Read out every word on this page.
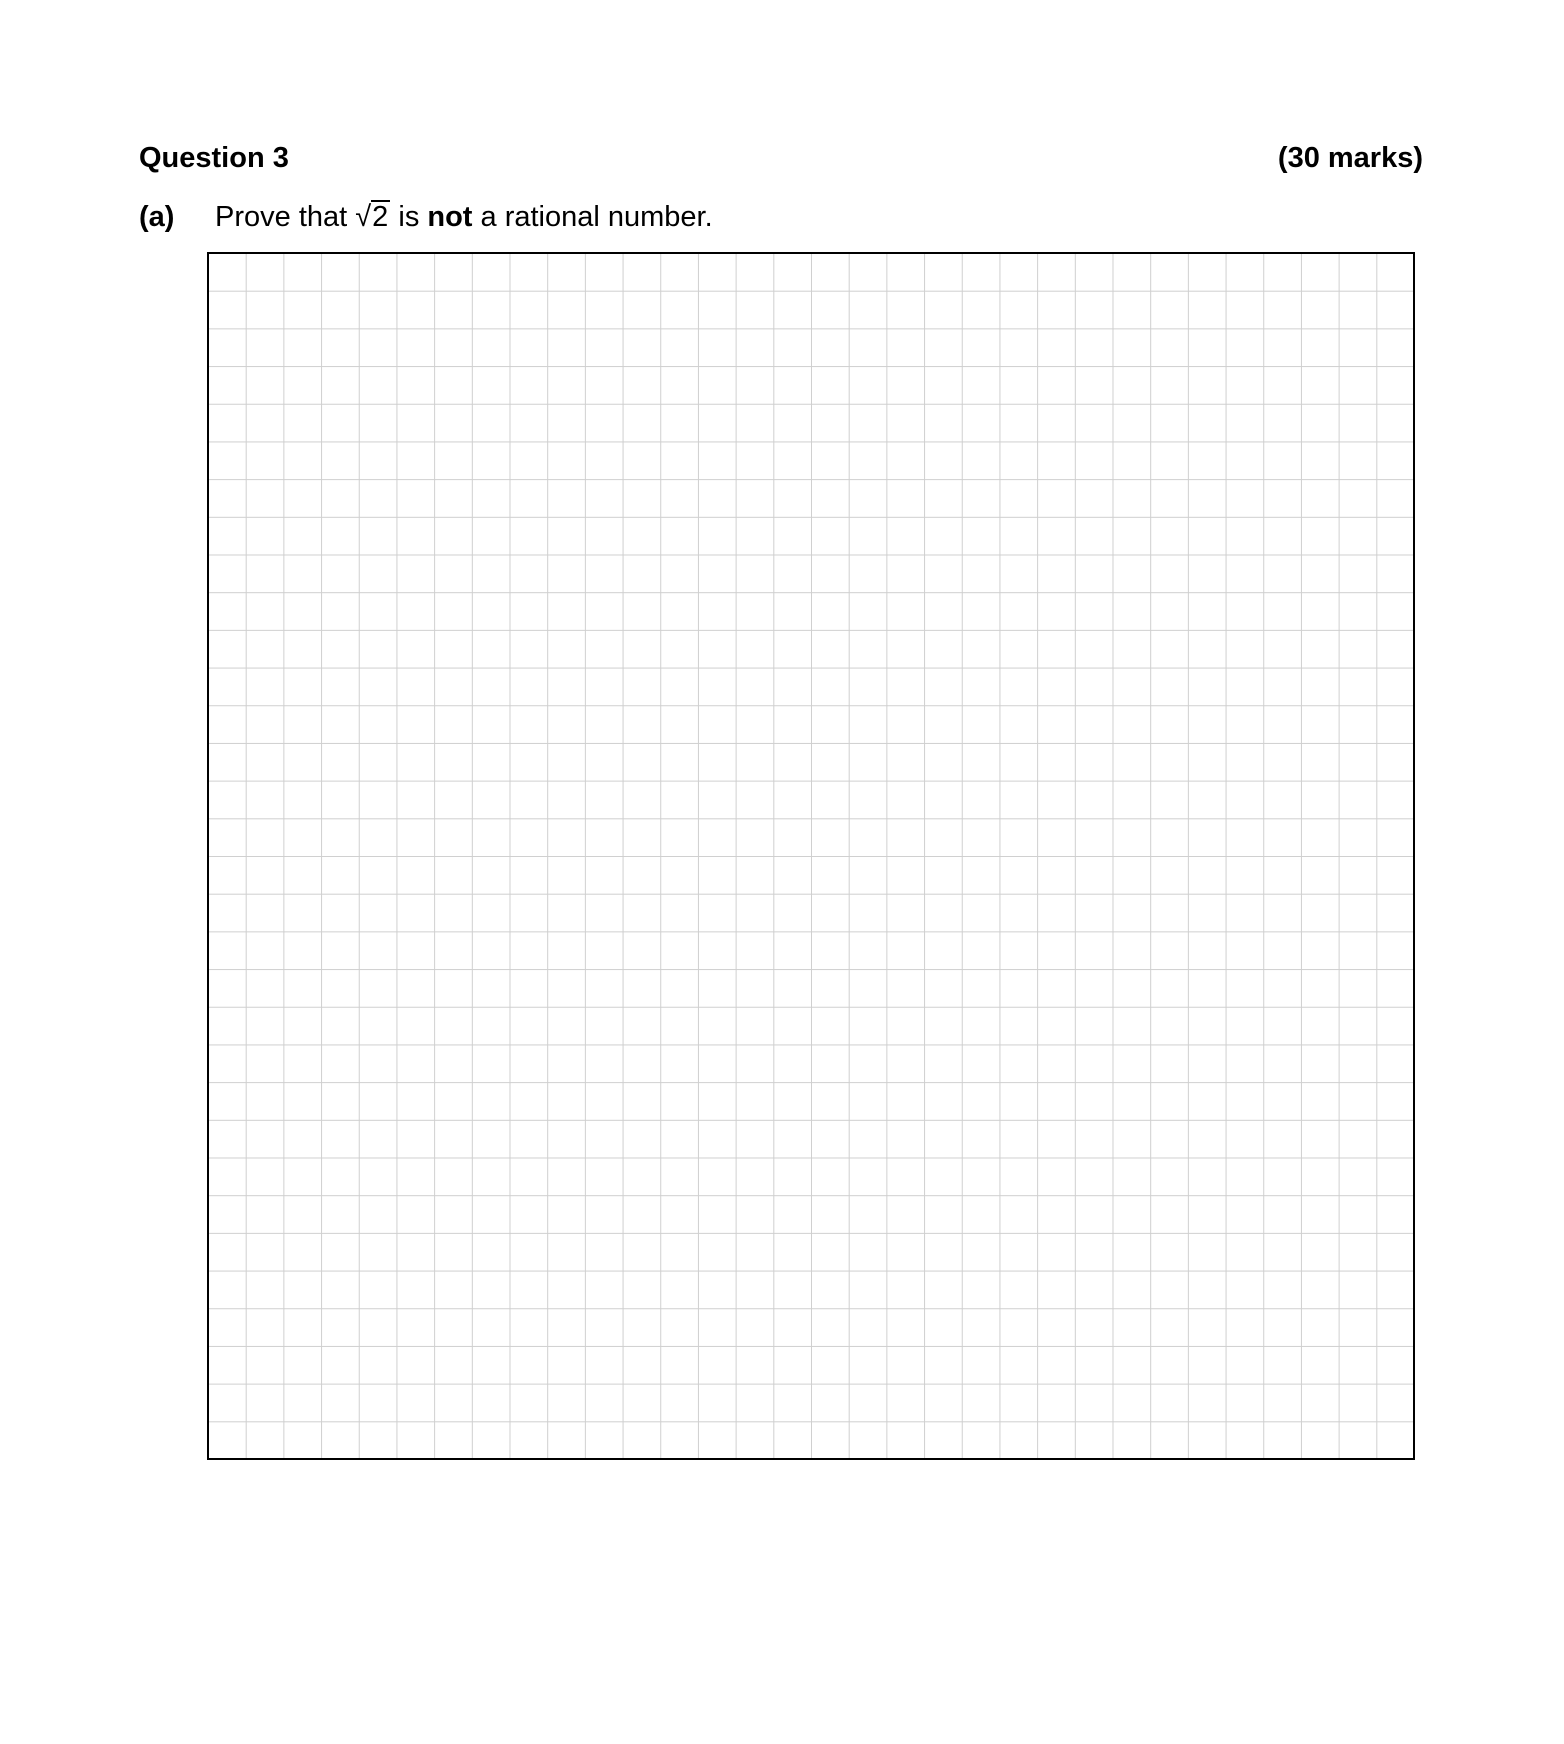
Question 3	(30 marks)
(a) Prove that √2 is not a rational number.
